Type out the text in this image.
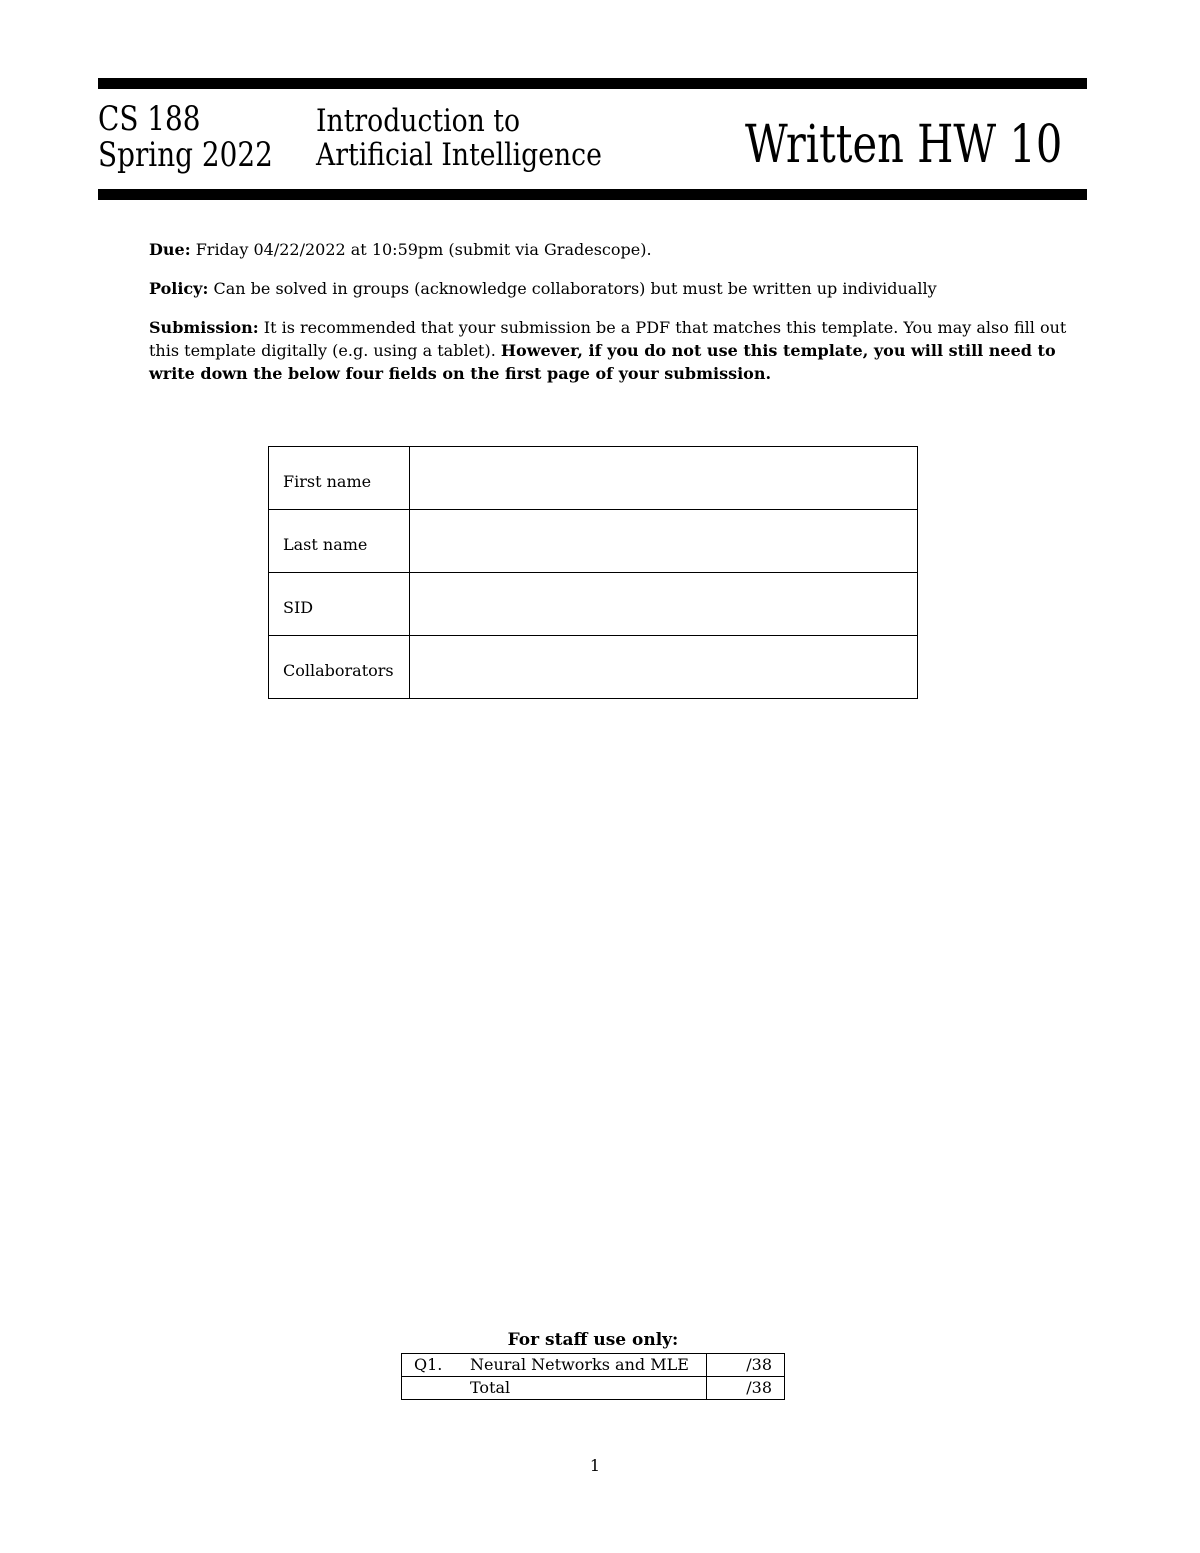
CS 188
Spring 2022
Introduction to
Artificial Intelligence	Written HW 10
Due: Friday 04/22/2022 at 10:59pm (submit via Gradescope).
Policy: Can be solved in groups (acknowledge collaborators) but must be written up individually
Submission: It is recommended that your submission be a PDF that matches this template. You may also fill out this template digitally (e.g. using a tablet). However, if you do not use this template, you will still need to write down the below four fields on the first page of your submission.
First name	
Last name	
SID	
Collaborators	
For staff use only:
Q1.	Neural Networks and MLE	/38
	Total	/38
1
